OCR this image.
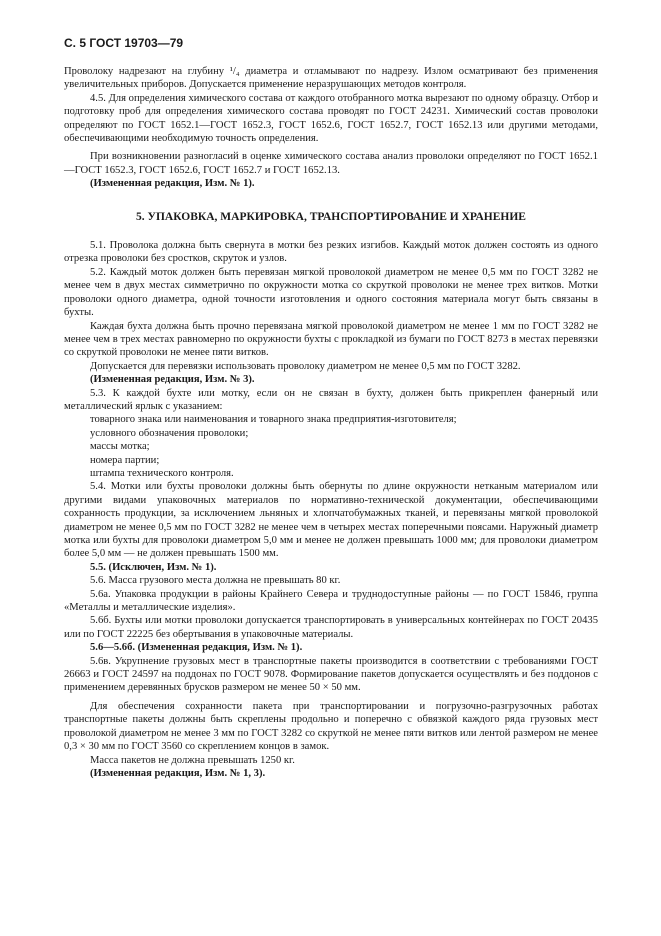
С. 5 ГОСТ 19703—79

Проволоку надрезают на глубину ¹/₄ диаметра и отламывают по надрезу. Излом осматривают без применения увеличительных приборов. Допускается применение неразрушающих методов контроля.

4.5. Для определения химического состава от каждого отобранного мотка вырезают по одному образцу. Отбор и подготовку проб для определения химического состава проводят по ГОСТ 24231. Химический состав проволоки определяют по ГОСТ 1652.1—ГОСТ 1652.3, ГОСТ 1652.6, ГОСТ 1652.7, ГОСТ 1652.13 или другими методами, обеспечивающими необходимую точность определения.

При возникновении разногласий в оценке химического состава анализ проволоки определяют по ГОСТ 1652.1—ГОСТ 1652.3, ГОСТ 1652.6, ГОСТ 1652.7 и ГОСТ 1652.13.

(Измененная редакция, Изм. № 1).

5. УПАКОВКА, МАРКИРОВКА, ТРАНСПОРТИРОВАНИЕ И ХРАНЕНИЕ

5.1. Проволока должна быть свернута в мотки без резких изгибов. Каждый моток должен состоять из одного отрезка проволоки без сростков, скруток и узлов.

5.2. Каждый моток должен быть перевязан мягкой проволокой диаметром не менее 0,5 мм по ГОСТ 3282 не менее чем в двух местах симметрично по окружности мотка со скруткой проволоки не менее трех витков. Мотки проволоки одного диаметра, одной точности изготовления и одного состояния материала могут быть связаны в бухты.

Каждая бухта должна быть прочно перевязана мягкой проволокой диаметром не менее 1 мм по ГОСТ 3282 не менее чем в трех местах равномерно по окружности бухты с прокладкой из бумаги по ГОСТ 8273 в местах перевязки со скруткой проволоки не менее пяти витков.

Допускается для перевязки использовать проволоку диаметром не менее 0,5 мм по ГОСТ 3282.

(Измененная редакция, Изм. № 3).

5.3. К каждой бухте или мотку, если он не связан в бухту, должен быть прикреплен фанерный или металлический ярлык с указанием:

товарного знака или наименования и товарного знака предприятия-изготовителя;

условного обозначения проволоки;

массы мотка;

номера партии;

штампа технического контроля.

5.4. Мотки или бухты проволоки должны быть обернуты по длине окружности нетканым материалом или другими видами упаковочных материалов по нормативно-технической документации, обеспечивающими сохранность продукции, за исключением льняных и хлопчатобумажных тканей, и перевязаны мягкой проволокой диаметром не менее 0,5 мм по ГОСТ 3282 не менее чем в четырех местах поперечными поясами. Наружный диаметр мотка или бухты для проволоки диаметром 5,0 мм и менее не должен превышать 1000 мм; для проволоки диаметром более 5,0 мм — не должен превышать 1500 мм.

5.5. (Исключен, Изм. № 1).

5.6. Масса грузового места должна не превышать 80 кг.

5.6а. Упаковка продукции в районы Крайнего Севера и труднодоступные районы — по ГОСТ 15846, группа «Металлы и металлические изделия».

5.6б. Бухты или мотки проволоки допускается транспортировать в универсальных контейнерах по ГОСТ 20435 или по ГОСТ 22225 без обертывания в упаковочные материалы.

5.6—5.6б. (Измененная редакция, Изм. № 1).

5.6в. Укрупнение грузовых мест в транспортные пакеты производится в соответствии с требованиями ГОСТ 26663 и ГОСТ 24597 на поддонах по ГОСТ 9078. Формирование пакетов допускается осуществлять и без поддонов с применением деревянных брусков размером не менее 50 × 50 мм.

Для обеспечения сохранности пакета при транспортировании и погрузочно-разгрузочных работах транспортные пакеты должны быть скреплены продольно и поперечно с обвязкой каждого ряда грузовых мест проволокой диаметром не менее 3 мм по ГОСТ 3282 со скруткой не менее пяти витков или лентой размером не менее 0,3 × 30 мм по ГОСТ 3560 со скреплением концов в замок.

Масса пакетов не должна превышать 1250 кг.

(Измененная редакция, Изм. № 1, 3).
